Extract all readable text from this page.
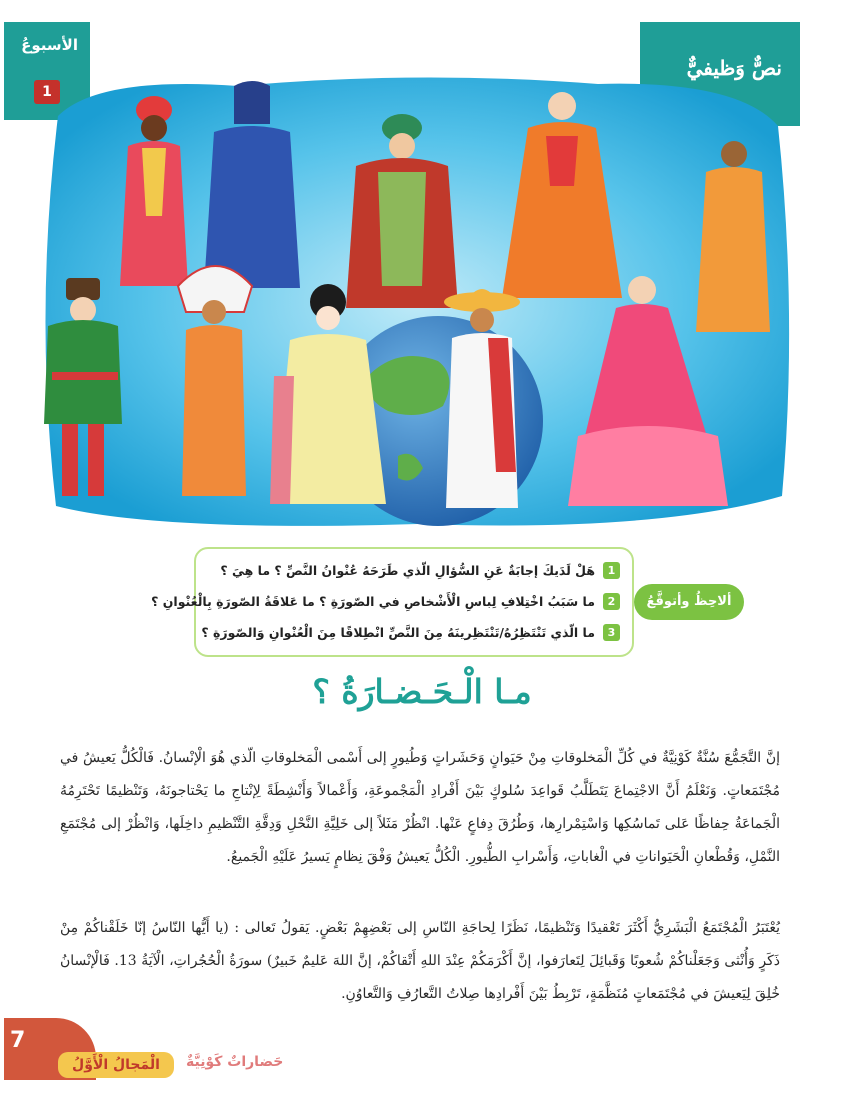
الأسبوعُ
1
نصٌّ وَظيفيٌّ
1
هَلْ لَدَيكَ إجابَةٌ عَنِ السُّؤالِ الّذي طَرَحَهُ عُنْوانُ النَّصِّ ؟ ما هِيَ ؟
2
ما سَبَبُ اخْتِلافِ لِباسِ الْأَشْخاصِ في الصّورَةِ ؟ ما عَلاقَةُ الصّورَةِ بِالْعُنْوانِ ؟
3
ما الّذي تَنْتَظِرُهُ/تَنْتَظِرينَهُ مِنَ النَّصِّ انْطِلاقًا مِنَ الْعُنْوانِ وَالصّورَةِ ؟
ألاحِظُ وأتوقَّعُ
مـا الْـحَـضـارَةُ ؟
إنَّ التَّجَمُّعَ سُنَّةٌ كَوْنِيَّةٌ في كُلِّ الْمَخلوقاتِ مِنْ حَيَوانٍ وَحَشَراتٍ وَطُيورٍ إلى أَسْمى الْمَخلوقاتِ الّذي هُوَ الْإنْسانُ. فَالْكُلُّ يَعيشُ في مُجْتَمَعاتٍ. وَنَعْلَمُ أَنَّ الاجْتِماعَ يَتَطَلَّبُ قَواعِدَ سُلوكٍ بَيْنَ أَفْرادِ الْمَجْموعَةِ، وَأَعْمالاً وَأَنْشِطَةً لِإنْتاجِ ما يَحْتاجونَهُ، وَتَنْظيمًا تَحْتَرِمُهُ الْجَماعَةُ حِفاظًا عَلى تَماسُكِها وَاسْتِمْرارِها، وَطُرُقَ دِفاعٍ عَنْها. انْظُرْ مَثَلاً إلى خَلِيَّةِ النَّحْلِ وَدِقَّةِ التَّنْظيمِ داخِلَها، وَانْظُرْ إلى مُجْتَمَعِ النَّمْلِ، وَقُطْعانِ الْحَيَواناتِ في الْغاباتِ، وَأَسْرابِ الطُّيورِ. الْكُلُّ يَعيشُ وَفْقَ نِظامٍ يَسيرُ عَلَيْهِ الْجَميعُ.
يُعْتَبَرُ الْمُجْتَمَعُ الْبَشَرِيُّ أَكْثَرَ تَعْقيدًا وَتَنْظيمًا، نَظَرًا لِحاجَةِ النّاسِ إلى بَعْضِهِمْ بَعْضٍ. يَقولُ تَعالى : (يا أَيُّها النّاسُ إنّا خَلَقْناكُمْ مِنْ ذَكَرٍ وَأُنْثى وَجَعَلْناكُمْ شُعوبًا وَقَبائِلَ لِتَعارَفوا، إنَّ أَكْرَمَكُمْ عِنْدَ اللهِ أَتْقاكُمْ، إنَّ اللهَ عَليمٌ خَبيرٌ) سورَةُ الْحُجُراتِ، الْآيَةُ 13. فَالْإنْسانُ خُلِقَ لِيَعيشَ في مُجْتَمَعاتٍ مُنَظَّمَةٍ، تَرْبِطُ بَيْنَ أَفْرادِها صِلاتُ التَّعارُفِ وَالتَّعاوُنِ.
7
الْمَجالُ الْأَوَّلُ	حَضاراتٌ كَوْنِيَّةٌ
